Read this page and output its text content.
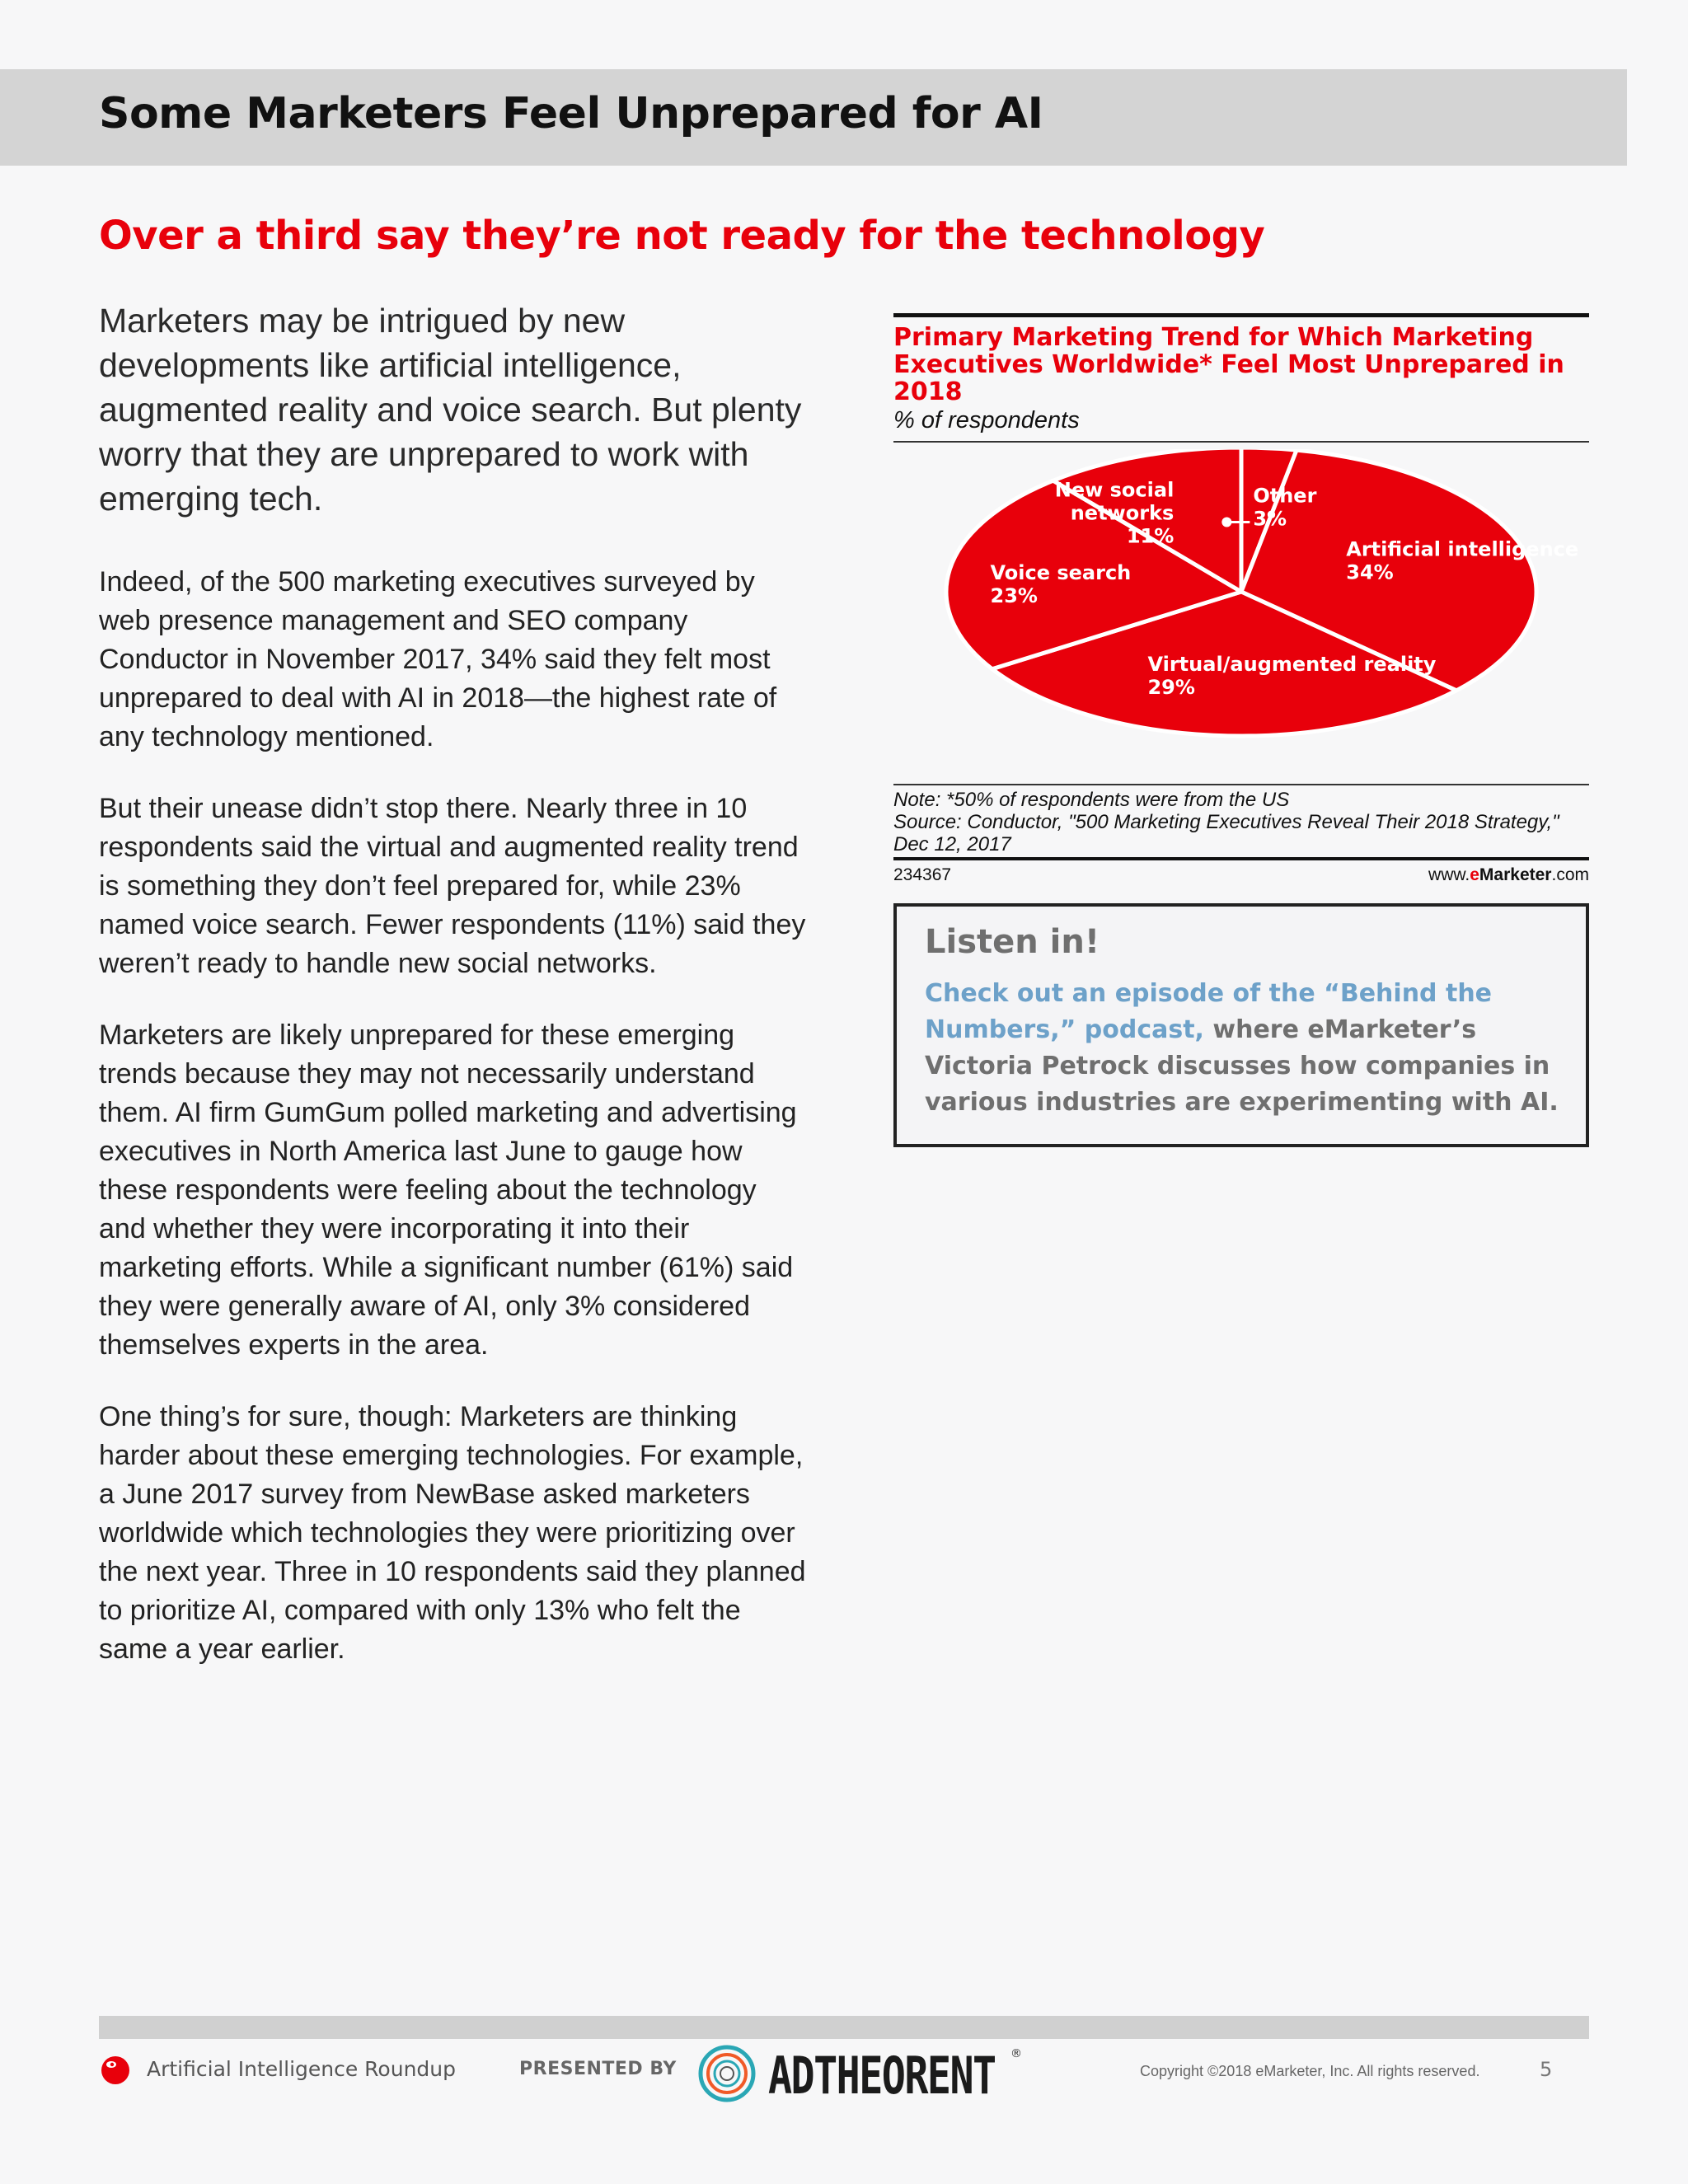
Some Marketers Feel Unprepared for AI
Over a third say they’re not ready for the technology

Marketers may be intrigued by new developments like artificial intelligence, augmented reality and voice search. But plenty worry that they are unprepared to work with emerging tech.

Indeed, of the 500 marketing executives surveyed by web presence management and SEO company Conductor in November 2017, 34% said they felt most unprepared to deal with AI in 2018—the highest rate of any technology mentioned.

But their unease didn’t stop there. Nearly three in 10 respondents said the virtual and augmented reality trend is something they don’t feel prepared for, while 23% named voice search. Fewer respondents (11%) said they weren’t ready to handle new social networks.

Marketers are likely unprepared for these emerging trends because they may not necessarily understand them. AI firm GumGum polled marketing and advertising executives in North America last June to gauge how these respondents were feeling about the technology and whether they were incorporating it into their marketing efforts. While a significant number (61%) said they were generally aware of AI, only 3% considered themselves experts in the area.

One thing’s for sure, though: Marketers are thinking harder about these emerging technologies. For example, a June 2017 survey from NewBase asked marketers worldwide which technologies they were prioritizing over the next year. Three in 10 respondents said they planned to prioritize AI, compared with only 13% who felt the same a year earlier.

Primary Marketing Trend for Which Marketing
Executives Worldwide* Feel Most Unprepared in 2018
% of respondents
Other 3%
Artificial intelligence 34%
Virtual/augmented reality 29%
Voice search 23%
New social networks 11%
Note: *50% of respondents were from the US
Source: Conductor, "500 Marketing Executives Reveal Their 2018 Strategy,"
Dec 12, 2017
234367	www.eMarketer.com
Listen in!

Check out an episode of the “Behind the Numbers,” podcast, where eMarketer’s Victoria Petrock discusses how companies in various industries are experimenting with AI.

Artificial Intelligence Roundup	PRESENTED BY ADTHEORENT ®
Copyright ©2018 eMarketer, Inc. All rights reserved.	5
